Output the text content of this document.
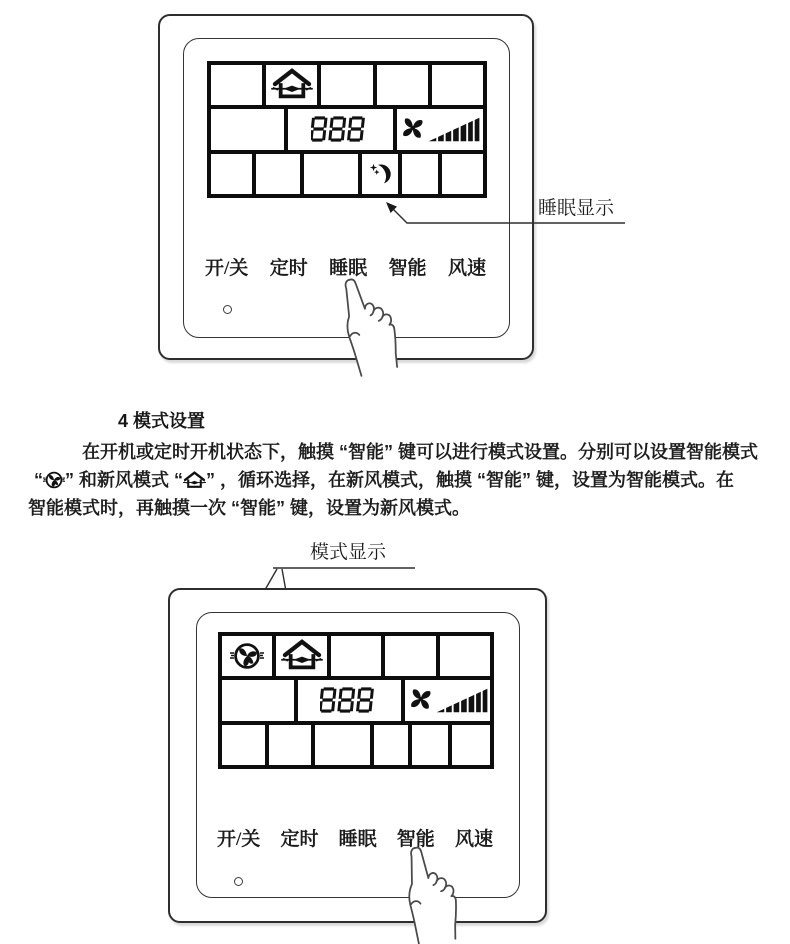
睡眠显示
开/关 定时 睡眠 智能 风速
4 模式设置
在开机或定时开机状态下，触摸 “智能” 键可以进行模式设置。分别可以设置智能模式
“ ” 和新风模式 “ ” ，循环选择，在新风模式，触摸 “智能” 键，设置为智能模式。在
智能模式时，再触摸一次 “智能” 键，设置为新风模式。
模式显示
开/关 定时 睡眠 智能 风速
